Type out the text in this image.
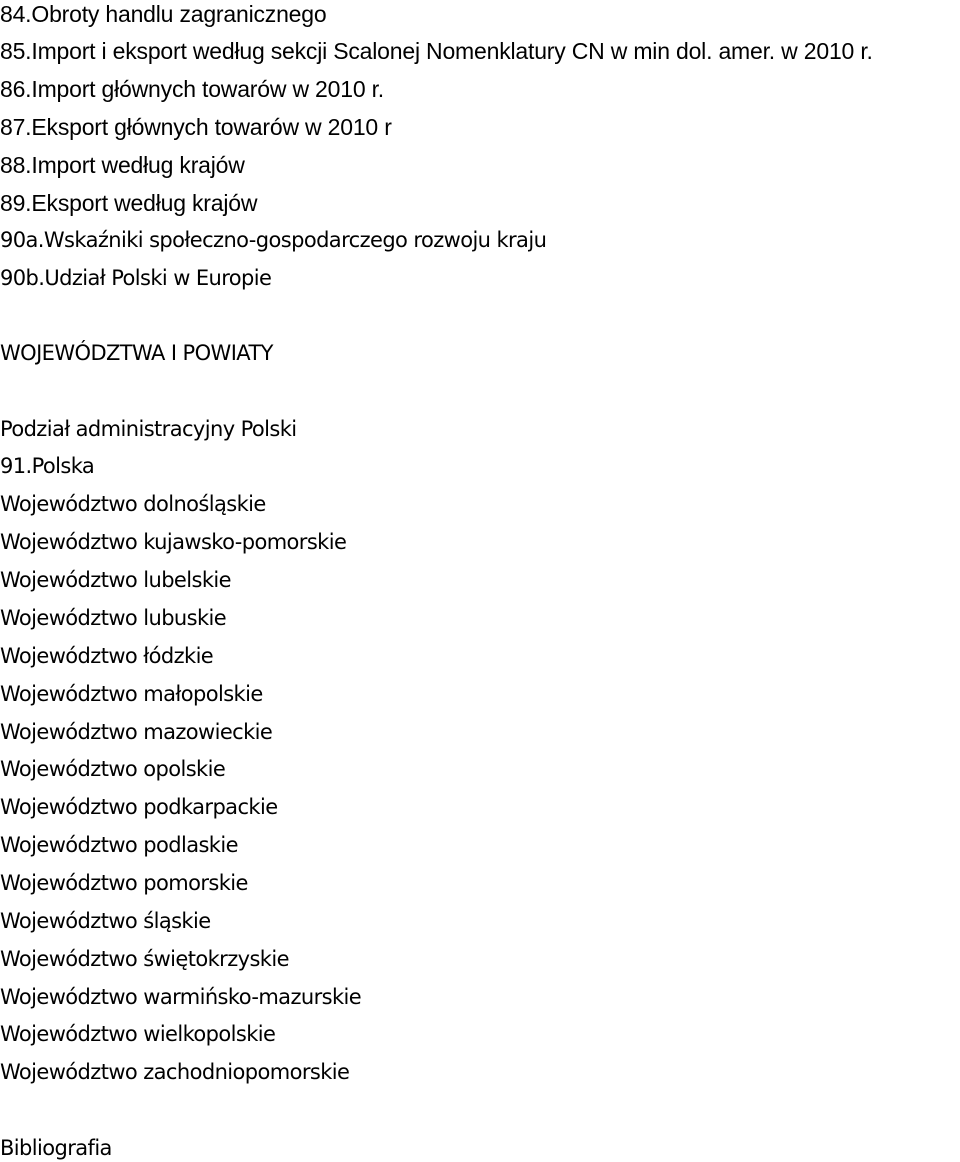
84.Obroty handlu zagranicznego

85.Import i eksport według sekcji Scalonej Nomenklatury CN w min dol. amer. w 2010 r.

86.Import głównych towarów w 2010 r.

87.Eksport głównych towarów w 2010 r

88.Import według krajów

89.Eksport według krajów

90a.Wskaźniki społeczno-gospodarczego rozwoju kraju

90b.Udział Polski w Europie

WOJEWÓDZTWA I POWIATY

Podział administracyjny Polski

91.Polska

Województwo dolnośląskie

Województwo kujawsko-pomorskie

Województwo lubelskie

Województwo lubuskie

Województwo łódzkie

Województwo małopolskie

Województwo mazowieckie

Województwo opolskie

Województwo podkarpackie

Województwo podlaskie

Województwo pomorskie

Województwo śląskie

Województwo świętokrzyskie

Województwo warmińsko-mazurskie

Województwo wielkopolskie

Województwo zachodniopomorskie

Bibliografia
